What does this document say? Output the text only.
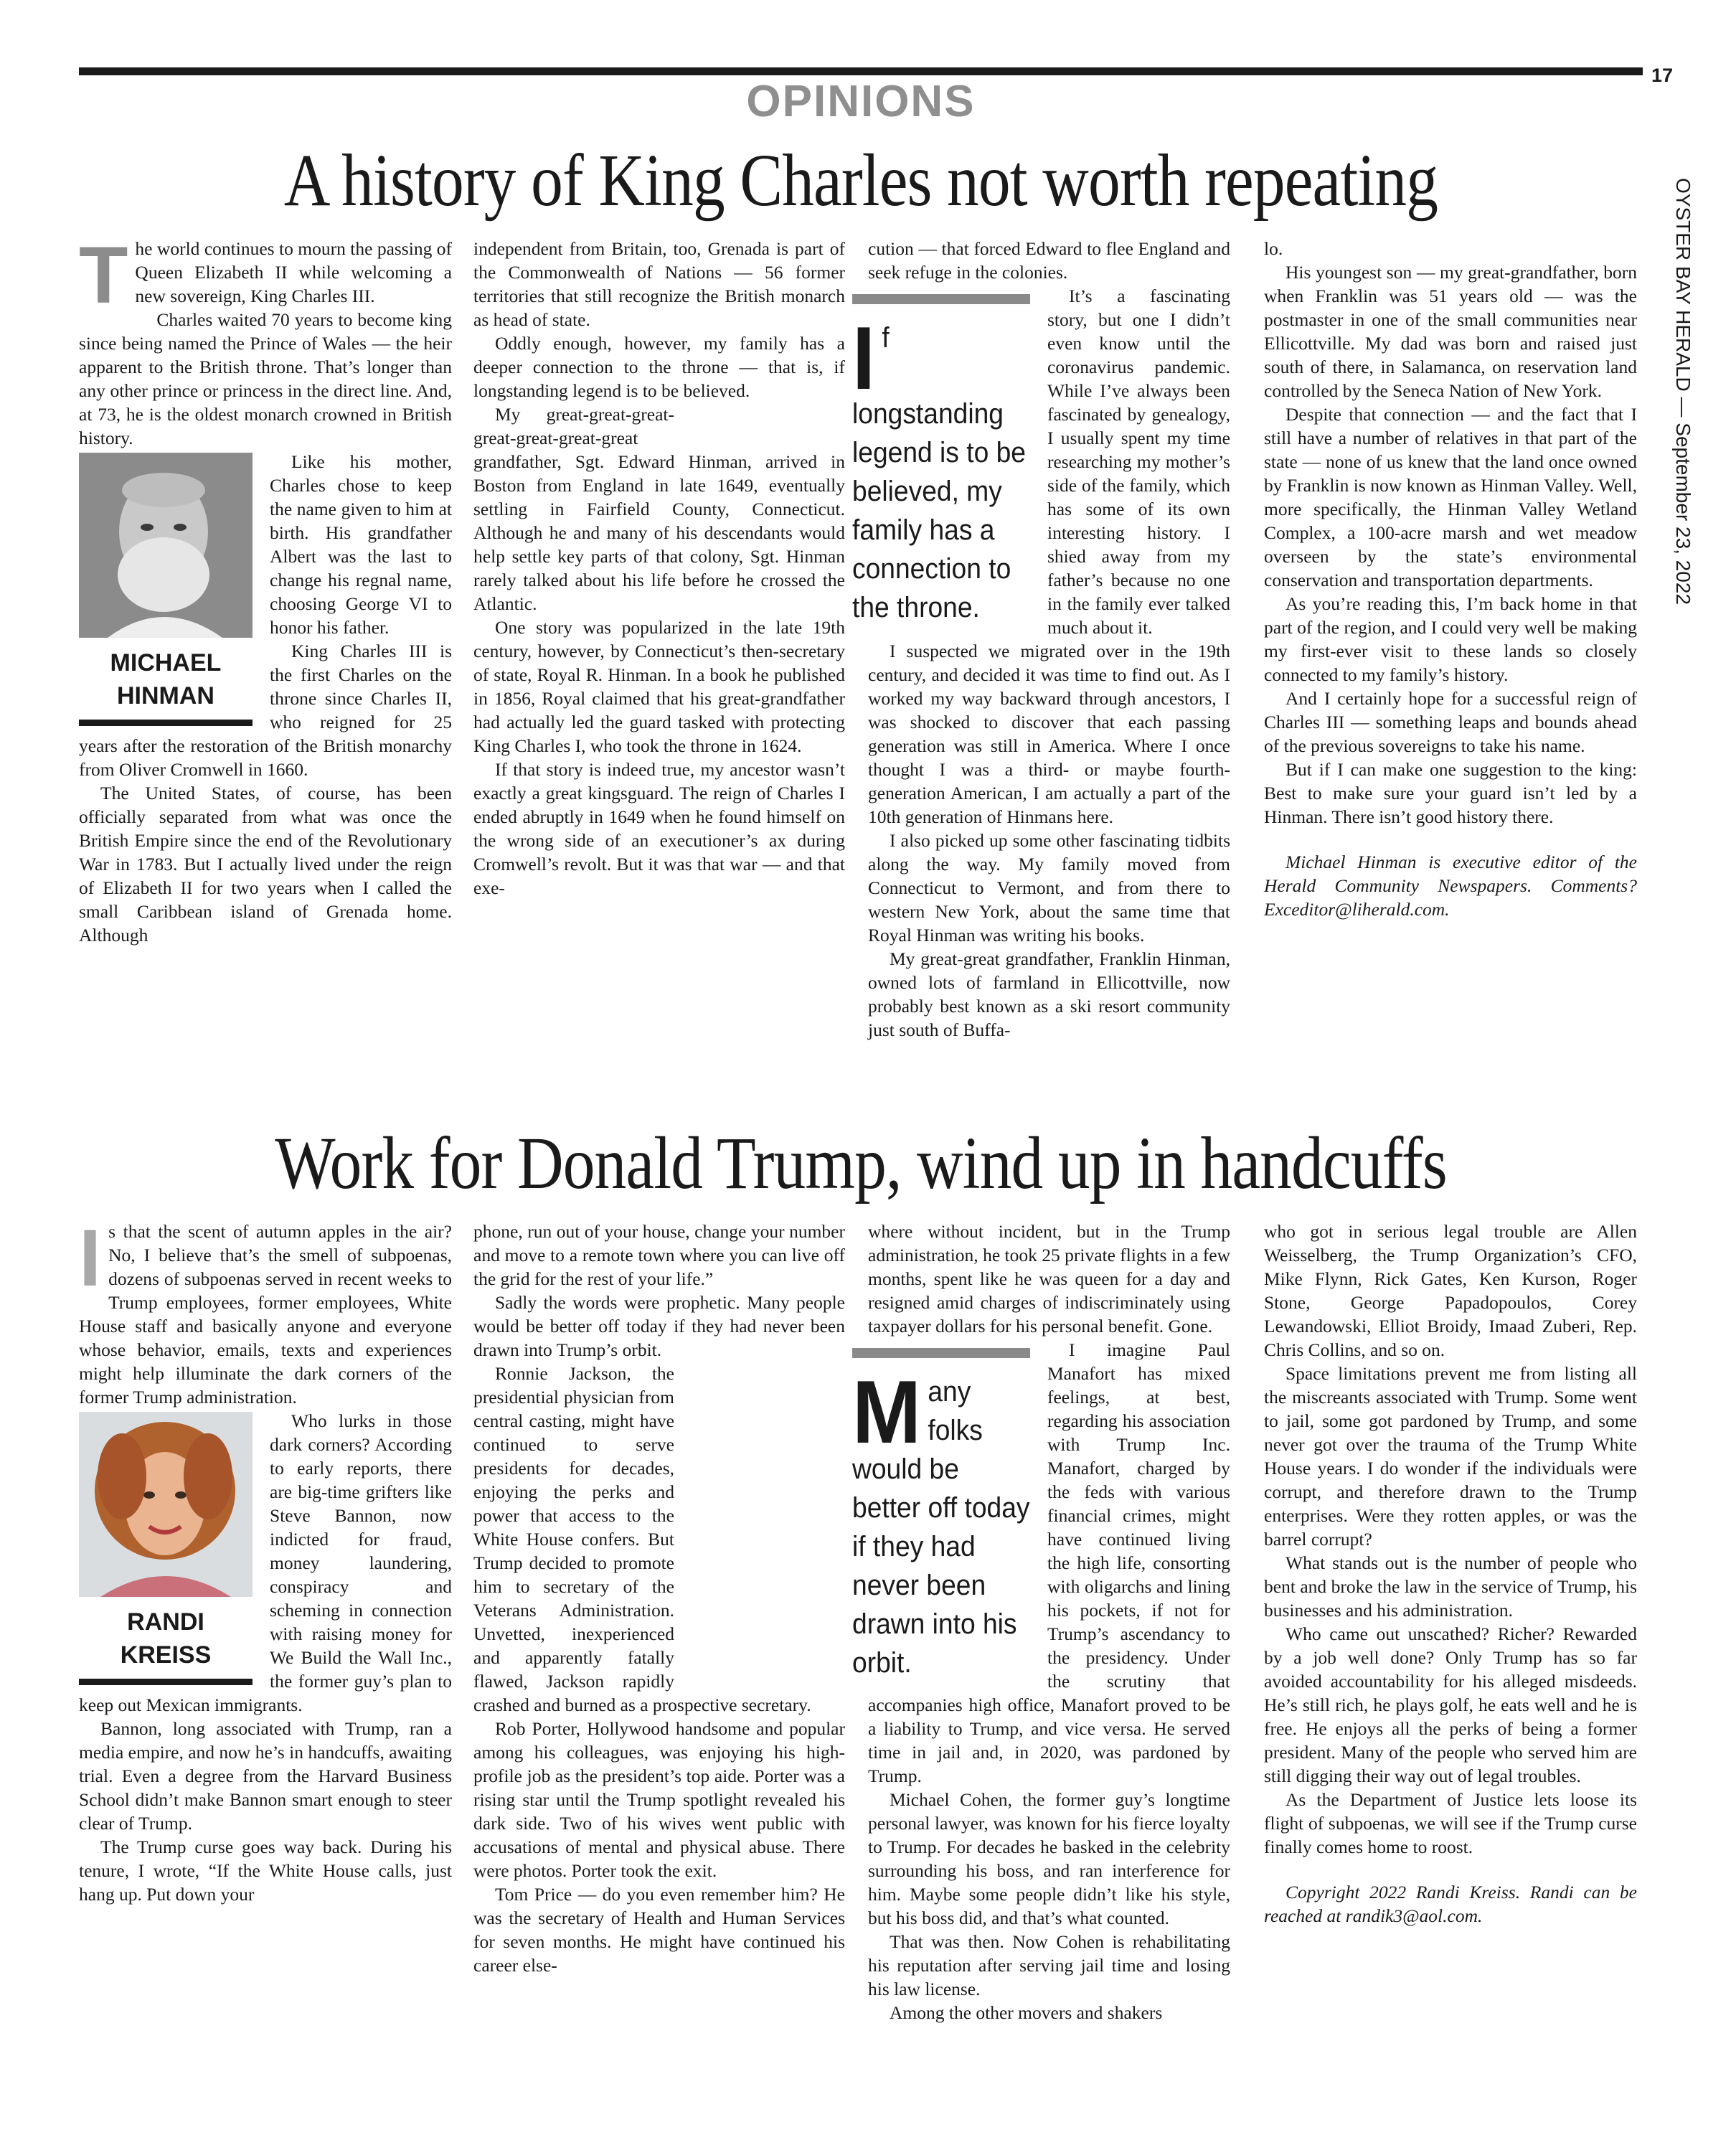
17
OPINIONS
OYSTER BAY HERALD — September 23, 2022
A history of King Charles not worth repeating

The world continues to mourn the passing of Queen Elizabeth II while welcoming a new sovereign, King Charles III.

Charles waited 70 years to become king since being named the Prince of Wales — the heir apparent to the British throne. That’s longer than any other prince or princess in the direct line. And, at 73, he is the oldest monarch crowned in British history.

MICHAEL
HINMAN

Like his mother, Charles chose to keep the name given to him at birth. His grandfather Albert was the last to change his regnal name, choosing George VI to honor his father.

King Charles III is the first Charles on the throne since Charles II, who reigned for 25 years after the restoration of the British monarchy from Oliver Cromwell in 1660.

The United States, of course, has been officially separated from what was once the British Empire since the end of the Revolutionary War in 1783. But I actually lived under the reign of Elizabeth II for two years when I called the small Caribbean island of Grenada home. Although

independent from Britain, too, Grenada is part of the Commonwealth of Nations — 56 former territories that still recognize the British monarch as head of state.

Oddly enough, however, my family has a deeper connection to the throne — that is, if longstanding legend is to be believed.

My great-great-great-great-great-great-great grandfather, Sgt. Edward Hinman, arrived in Boston from England in late 1649, eventually settling in Fairfield County, Connecticut. Although he and many of his descendants would help settle key parts of that colony, Sgt. Hinman rarely talked about his life before he crossed the Atlantic.

One story was popularized in the late 19th century, however, by Connecticut’s then-secretary of state, Royal R. Hinman. In a book he published in 1856, Royal claimed that his great-grandfather had actually led the guard tasked with protecting King Charles I, who took the throne in 1624.

If that story is indeed true, my ancestor wasn’t exactly a great kingsguard. The reign of Charles I ended abruptly in 1649 when he found himself on the wrong side of an executioner’s ax during Cromwell’s revolt. But it was that war — and that exe-

cution — that forced Edward to flee England and seek refuge in the colonies.

If longstanding legend is to be believed, my family has a connection to the throne.

It’s a fascinating story, but one I didn’t even know until the coronavirus pandemic. While I’ve always been fascinated by genealogy, I usually spent my time researching my mother’s side of the family, which has some of its own interesting history. I shied away from my father’s because no one in the family ever talked much about it.

I suspected we migrated over in the 19th century, and decided it was time to find out. As I worked my way backward through ancestors, I was shocked to discover that each passing generation was still in America. Where I once thought I was a third- or maybe fourth-generation American, I am actually a part of the 10th generation of Hinmans here.

I also picked up some other fascinating tidbits along the way. My family moved from Connecticut to Vermont, and from there to western New York, about the same time that Royal Hinman was writing his books.

My great-great grandfather, Franklin Hinman, owned lots of farmland in Ellicottville, now probably best known as a ski resort community just south of Buffa-

lo.

His youngest son — my great-grandfather, born when Franklin was 51 years old — was the postmaster in one of the small communities near Ellicottville. My dad was born and raised just south of there, in Salamanca, on reservation land controlled by the Seneca Nation of New York.

Despite that connection — and the fact that I still have a number of relatives in that part of the state — none of us knew that the land once owned by Franklin is now known as Hinman Valley. Well, more specifically, the Hinman Valley Wetland Complex, a 100-acre marsh and wet meadow overseen by the state’s environmental conservation and transportation departments.

As you’re reading this, I’m back home in that part of the region, and I could very well be making my first-ever visit to these lands so closely connected to my family’s history.

And I certainly hope for a successful reign of Charles III — something leaps and bounds ahead of the previous sovereigns to take his name.

But if I can make one suggestion to the king: Best to make sure your guard isn’t led by a Hinman. There isn’t good history there.

Michael Hinman is executive editor of the Herald Community Newspapers. Comments? Exceditor@liherald.com.

Work for Donald Trump, wind up in handcuffs

Is that the scent of autumn apples in the air? No, I believe that’s the smell of subpoenas, dozens of subpoenas served in recent weeks to Trump employees, former employees, White House staff and basically anyone and everyone whose behavior, emails, texts and experiences might help illuminate the dark corners of the former Trump administration.

RANDI
KREISS

Who lurks in those dark corners? According to early reports, there are big-time grifters like Steve Bannon, now indicted for fraud, money laundering, conspiracy and scheming in connection with raising money for We Build the Wall Inc., the former guy’s plan to keep out Mexican immigrants.

Bannon, long associated with Trump, ran a media empire, and now he’s in handcuffs, awaiting trial. Even a degree from the Harvard Business School didn’t make Bannon smart enough to steer clear of Trump.

The Trump curse goes way back. During his tenure, I wrote, “If the White House calls, just hang up. Put down your

phone, run out of your house, change your number and move to a remote town where you can live off the grid for the rest of your life.”

Sadly the words were prophetic. Many people would be better off today if they had never been drawn into Trump’s orbit.

Ronnie Jackson, the presidential physician from central casting, might have continued to serve presidents for decades, enjoying the perks and power that access to the White House confers. But Trump decided to promote him to secretary of the Veterans Administration. Unvetted, inexperienced and apparently fatally flawed, Jackson rapidly crashed and burned as a prospective secretary.

Rob Porter, Hollywood handsome and popular among his colleagues, was enjoying his high-profile job as the president’s top aide. Porter was a rising star until the Trump spotlight revealed his dark side. Two of his wives went public with accusations of mental and physical abuse. There were photos. Porter took the exit.

Tom Price — do you even remember him? He was the secretary of Health and Human Services for seven months. He might have continued his career else-

where without incident, but in the Trump administration, he took 25 private flights in a few months, spent like he was queen for a day and resigned amid charges of indiscriminately using taxpayer dollars for his personal benefit. Gone.

Many folks would be better off today if they had never been drawn into his orbit.

I imagine Paul Manafort has mixed feelings, at best, regarding his association with Trump Inc. Manafort, charged by the feds with various financial crimes, might have continued living the high life, consorting with oligarchs and lining his pockets, if not for Trump’s ascendancy to the presidency. Under the scrutiny that accompanies high office, Manafort proved to be a liability to Trump, and vice versa. He served time in jail and, in 2020, was pardoned by Trump.

Michael Cohen, the former guy’s longtime personal lawyer, was known for his fierce loyalty to Trump. For decades he basked in the celebrity surrounding his boss, and ran interference for him. Maybe some people didn’t like his style, but his boss did, and that’s what counted.

That was then. Now Cohen is rehabilitating his reputation after serving jail time and losing his law license.

Among the other movers and shakers

who got in serious legal trouble are Allen Weisselberg, the Trump Organization’s CFO, Mike Flynn, Rick Gates, Ken Kurson, Roger Stone, George Papadopoulos, Corey Lewandowski, Elliot Broidy, Imaad Zuberi, Rep. Chris Collins, and so on.

Space limitations prevent me from listing all the miscreants associated with Trump. Some went to jail, some got pardoned by Trump, and some never got over the trauma of the Trump White House years. I do wonder if the individuals were corrupt, and therefore drawn to the Trump enterprises. Were they rotten apples, or was the barrel corrupt?

What stands out is the number of people who bent and broke the law in the service of Trump, his businesses and his administration.

Who came out unscathed? Richer? Rewarded by a job well done? Only Trump has so far avoided accountability for his alleged misdeeds. He’s still rich, he plays golf, he eats well and he is free. He enjoys all the perks of being a former president. Many of the people who served him are still digging their way out of legal troubles.

As the Department of Justice lets loose its flight of subpoenas, we will see if the Trump curse finally comes home to roost.

Copyright 2022 Randi Kreiss. Randi can be reached at randik3@aol.com.
